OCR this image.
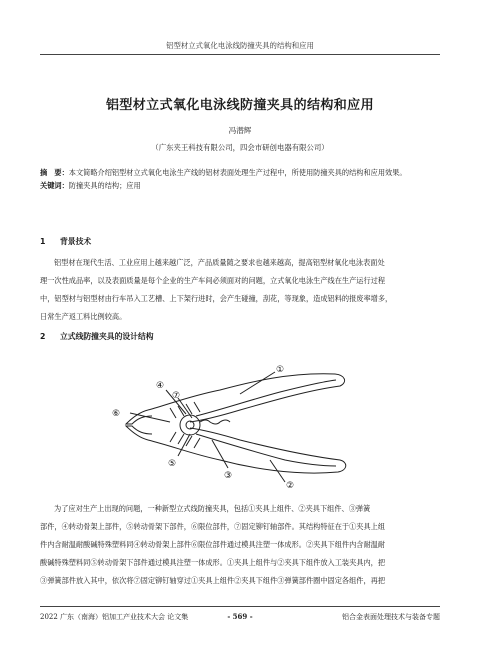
铝型材立式氧化电泳线防撞夹具的结构和应用
铝型材立式氧化电泳线防撞夹具的结构和应用
冯潜辉
（广东夹王科技有限公司，四会市研创电器有限公司）
摘　要：本文简略介绍铝型材立式氧化电泳生产线的铝材表面处理生产过程中，所使用防撞夹具的结构和应用效果。
关键词：防撞夹具的结构；应用
1 背景技术

铝型材在现代生活、工业应用上越来越广泛，产品质量随之要求也越来越高，提高铝型材氧化电泳表面处

理一次性成品率，以及表面质量是每个企业的生产车间必须面对的问题，立式氧化电泳生产线在生产运行过程

中，铝型材与铝型材由行车吊入工艺槽、上下架行进时，会产生碰撞，刮花，等现象，造成铝料的报废率增多，

日常生产返工料比例较高。

2 立式线防撞夹具的设计结构
①
②
③
④
⑤
⑥
⑦

为了应对生产上出现的问题，一种新型立式线防撞夹具，包括①夹具上组件、②夹具下组件、③弹簧

部件，④转动骨架上部件，⑤转动骨架下部件，⑥限位部件，⑦固定铆钉轴部件。其结构特征在于①夹具上组

件内含耐温耐酸碱特殊塑料同④转动骨架上部件⑥限位部件通过模具注塑一体成形。②夹具下组件内含耐温耐

酸碱特殊塑料同⑤转动骨架下部件通过模具注塑一体成形。①夹具上组件与②夹具下组件放入工装夹具内，把

③弹簧部件放入其中，依次将⑦固定铆钉轴穿过①夹具上组件②夹具下组件③弹簧部件圈中固定各组件，再把

2022 广东（南海）铝加工产业技术大会 论文集	- 569 -	铝合金表面处理技术与装备专题
